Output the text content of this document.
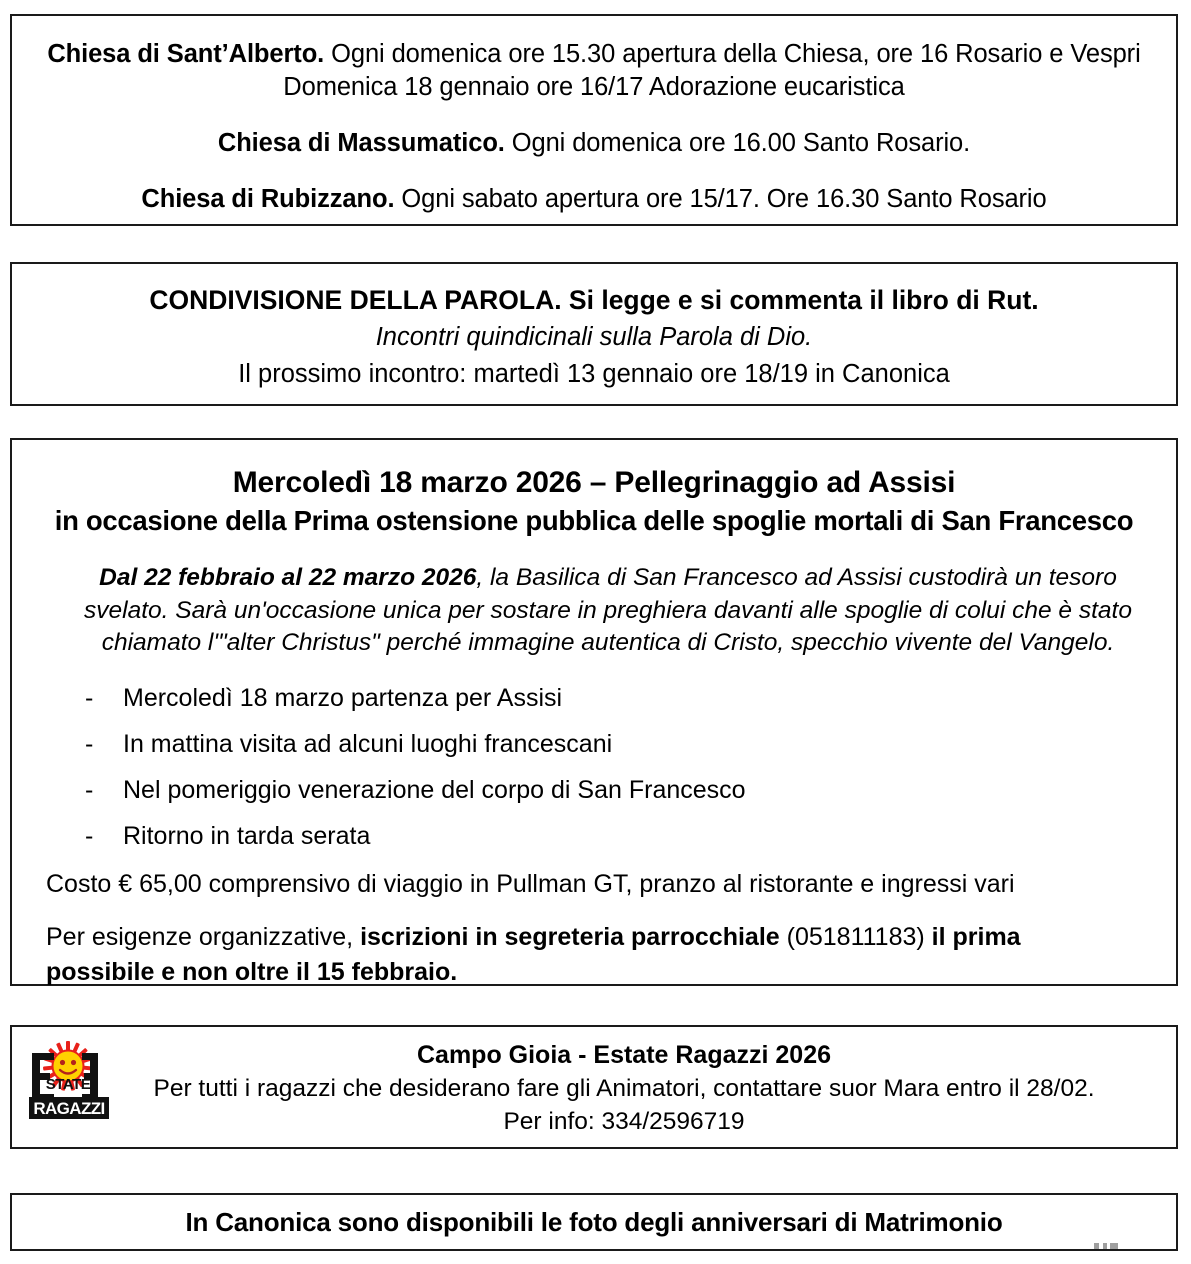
Chiesa di Sant’Alberto. Ogni domenica ore 15.30 apertura della Chiesa, ore 16 Rosario e Vespri
Domenica 18 gennaio ore 16/17 Adorazione eucaristica
Chiesa di Massumatico. Ogni domenica ore 16.00 Santo Rosario.
Chiesa di Rubizzano. Ogni sabato apertura ore 15/17. Ore 16.30 Santo Rosario
CONDIVISIONE DELLA PAROLA. Si legge e si commenta il libro di Rut.
Incontri quindicinali sulla Parola di Dio.
Il prossimo incontro: martedì 13 gennaio ore 18/19 in Canonica
Mercoledì 18 marzo 2026 – Pellegrinaggio ad Assisi
in occasione della Prima ostensione pubblica delle spoglie mortali di San Francesco
Dal 22 febbraio al 22 marzo 2026, la Basilica di San Francesco ad Assisi custodirà un tesoro svelato. Sarà un'occasione unica per sostare in preghiera davanti alle spoglie di colui che è stato chiamato l'"alter Christus" perché immagine autentica di Cristo, specchio vivente del Vangelo.
- Mercoledì 18 marzo partenza per Assisi
- In mattina visita ad alcuni luoghi francescani
- Nel pomeriggio venerazione del corpo di San Francesco
- Ritorno in tarda serata
Costo € 65,00 comprensivo di viaggio in Pullman GT, pranzo al ristorante e ingressi vari
Per esigenze organizzative, iscrizioni in segreteria parrocchiale (051811183) il prima possibile e non oltre il 15 febbraio.
STATE
RAGAZZI
Campo Gioia - Estate Ragazzi 2026
Per tutti i ragazzi che desiderano fare gli Animatori, contattare suor Mara entro il 28/02.
Per info: 334/2596719
In Canonica sono disponibili le foto degli anniversari di Matrimonio
